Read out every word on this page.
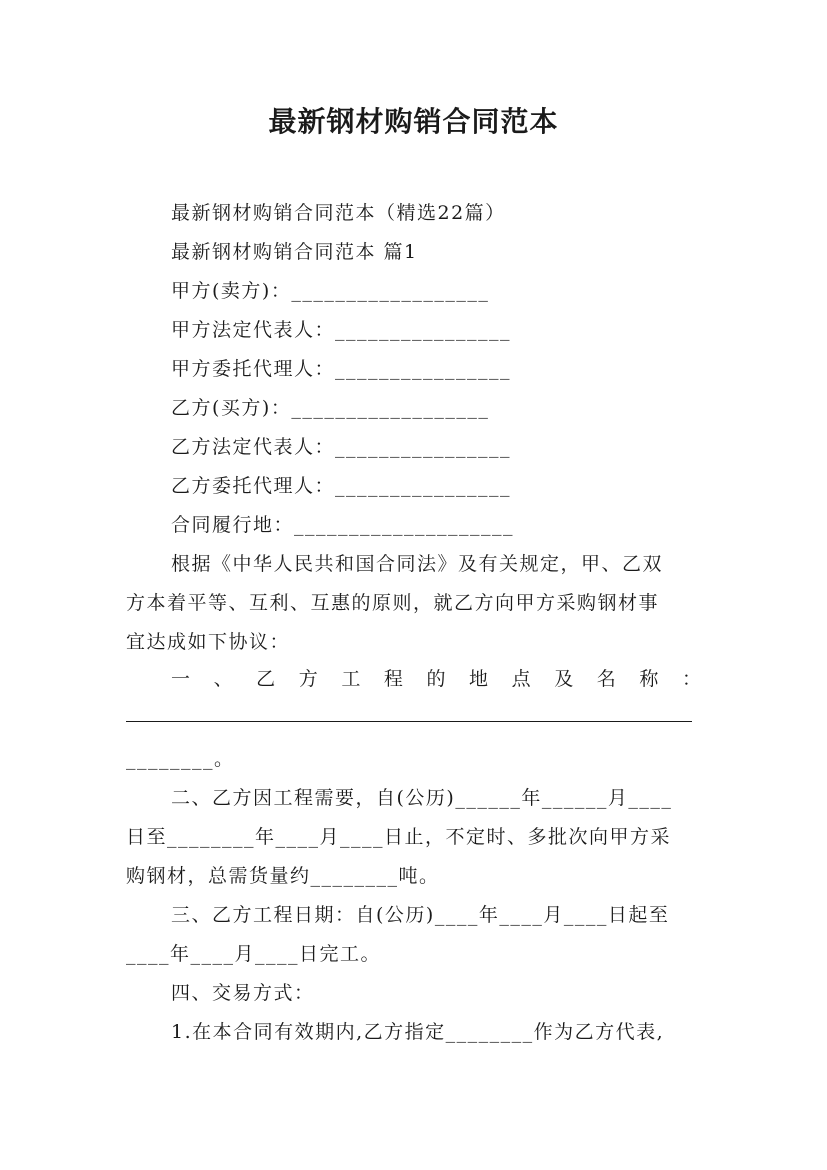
最新钢材购销合同范本
最新钢材购销合同范本（精选22篇）
最新钢材购销合同范本 篇1
甲方(卖方)：__________________
甲方法定代表人：________________
甲方委托代理人：________________
乙方(买方)：__________________
乙方法定代表人：________________
乙方委托代理人：________________
合同履行地：____________________
根据《中华人民共和国合同法》及有关规定，甲、乙双
方本着平等、互利、互惠的原则，就乙方向甲方采购钢材事
宜达成如下协议：
一 、 乙 方 工 程 的 地 点 及 名 称 ：
________。
二、乙方因工程需要，自(公历)______年______月____
日至________年____月____日止，不定时、多批次向甲方采
购钢材，总需货量约________吨。
三、乙方工程日期：自(公历)____年____月____日起至
____年____月____日完工。
四、交易方式：
1.在本合同有效期内,乙方指定________作为乙方代表,
